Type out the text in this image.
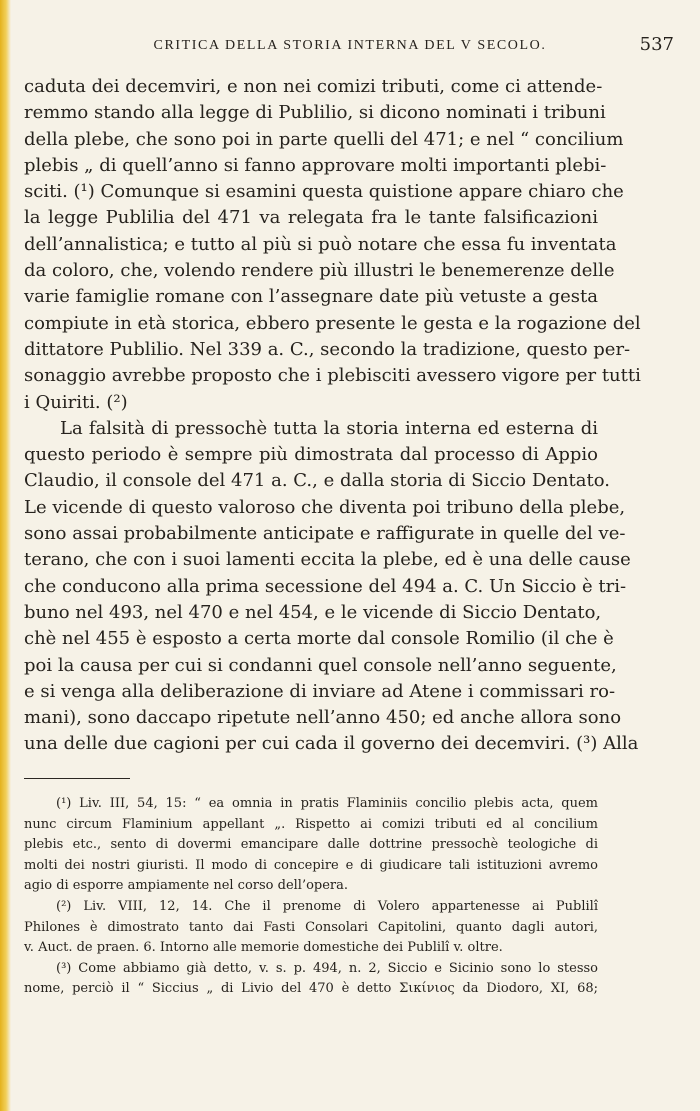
CRITICA DELLA STORIA INTERNA DEL V SECOLO.	537
caduta dei decemviri, e non nei comizi tributi, come ci attende-
remmo stando alla legge di Publilio, si dicono nominati i tribuni
della plebe, che sono poi in parte quelli del 471; e nel “ concilium
plebis „ di quell’anno si fanno approvare molti importanti plebi-
sciti. (¹) Comunque si esamini questa quistione appare chiaro che
la legge Publilia del 471 va relegata fra le tante falsificazioni
dell’annalistica; e tutto al più si può notare che essa fu inventata
da coloro, che, volendo rendere più illustri le benemerenze delle
varie famiglie romane con l’assegnare date più vetuste a gesta
compiute in età storica, ebbero presente le gesta e la rogazione del
dittatore Publilio. Nel 339 a. C., secondo la tradizione, questo per-
sonaggio avrebbe proposto che i plebisciti avessero vigore per tutti
i Quiriti. (²)
La falsità di pressochè tutta la storia interna ed esterna di
questo periodo è sempre più dimostrata dal processo di Appio
Claudio, il console del 471 a. C., e dalla storia di Siccio Dentato.
Le vicende di questo valoroso che diventa poi tribuno della plebe,
sono assai probabilmente anticipate e raffigurate in quelle del ve-
terano, che con i suoi lamenti eccita la plebe, ed è una delle cause
che conducono alla prima secessione del 494 a. C. Un Siccio è tri-
buno nel 493, nel 470 e nel 454, e le vicende di Siccio Dentato,
chè nel 455 è esposto a certa morte dal console Romilio (il che è
poi la causa per cui si condanni quel console nell’anno seguente,
e si venga alla deliberazione di inviare ad Atene i commissari ro-
mani), sono daccapo ripetute nell’anno 450; ed anche allora sono
una delle due cagioni per cui cada il governo dei decemviri. (³) Alla
(¹) Liv. III, 54, 15: “ ea omnia in pratis Flaminiis concilio plebis acta, quem
nunc circum Flaminium appellant „. Rispetto ai comizi tributi ed al concilium
plebis etc., sento di dovermi emancipare dalle dottrine pressochè teologiche di
molti dei nostri giuristi. Il modo di concepire e di giudicare tali istituzioni avremo
agio di esporre ampiamente nel corso dell’opera.
(²) Liv. VIII, 12, 14. Che il prenome di Volero appartenesse ai Publilî
Philones è dimostrato tanto dai Fasti Consolari Capitolini, quanto dagli autori,
v. Auct. de praen. 6. Intorno alle memorie domestiche dei Publilî v. oltre.
(³) Come abbiamo già detto, v. s. p. 494, n. 2, Siccio e Sicinio sono lo stesso
nome, perciò il “ Siccius „ di Livio del 470 è detto Σικίνιος da Diodoro, XI, 68;
